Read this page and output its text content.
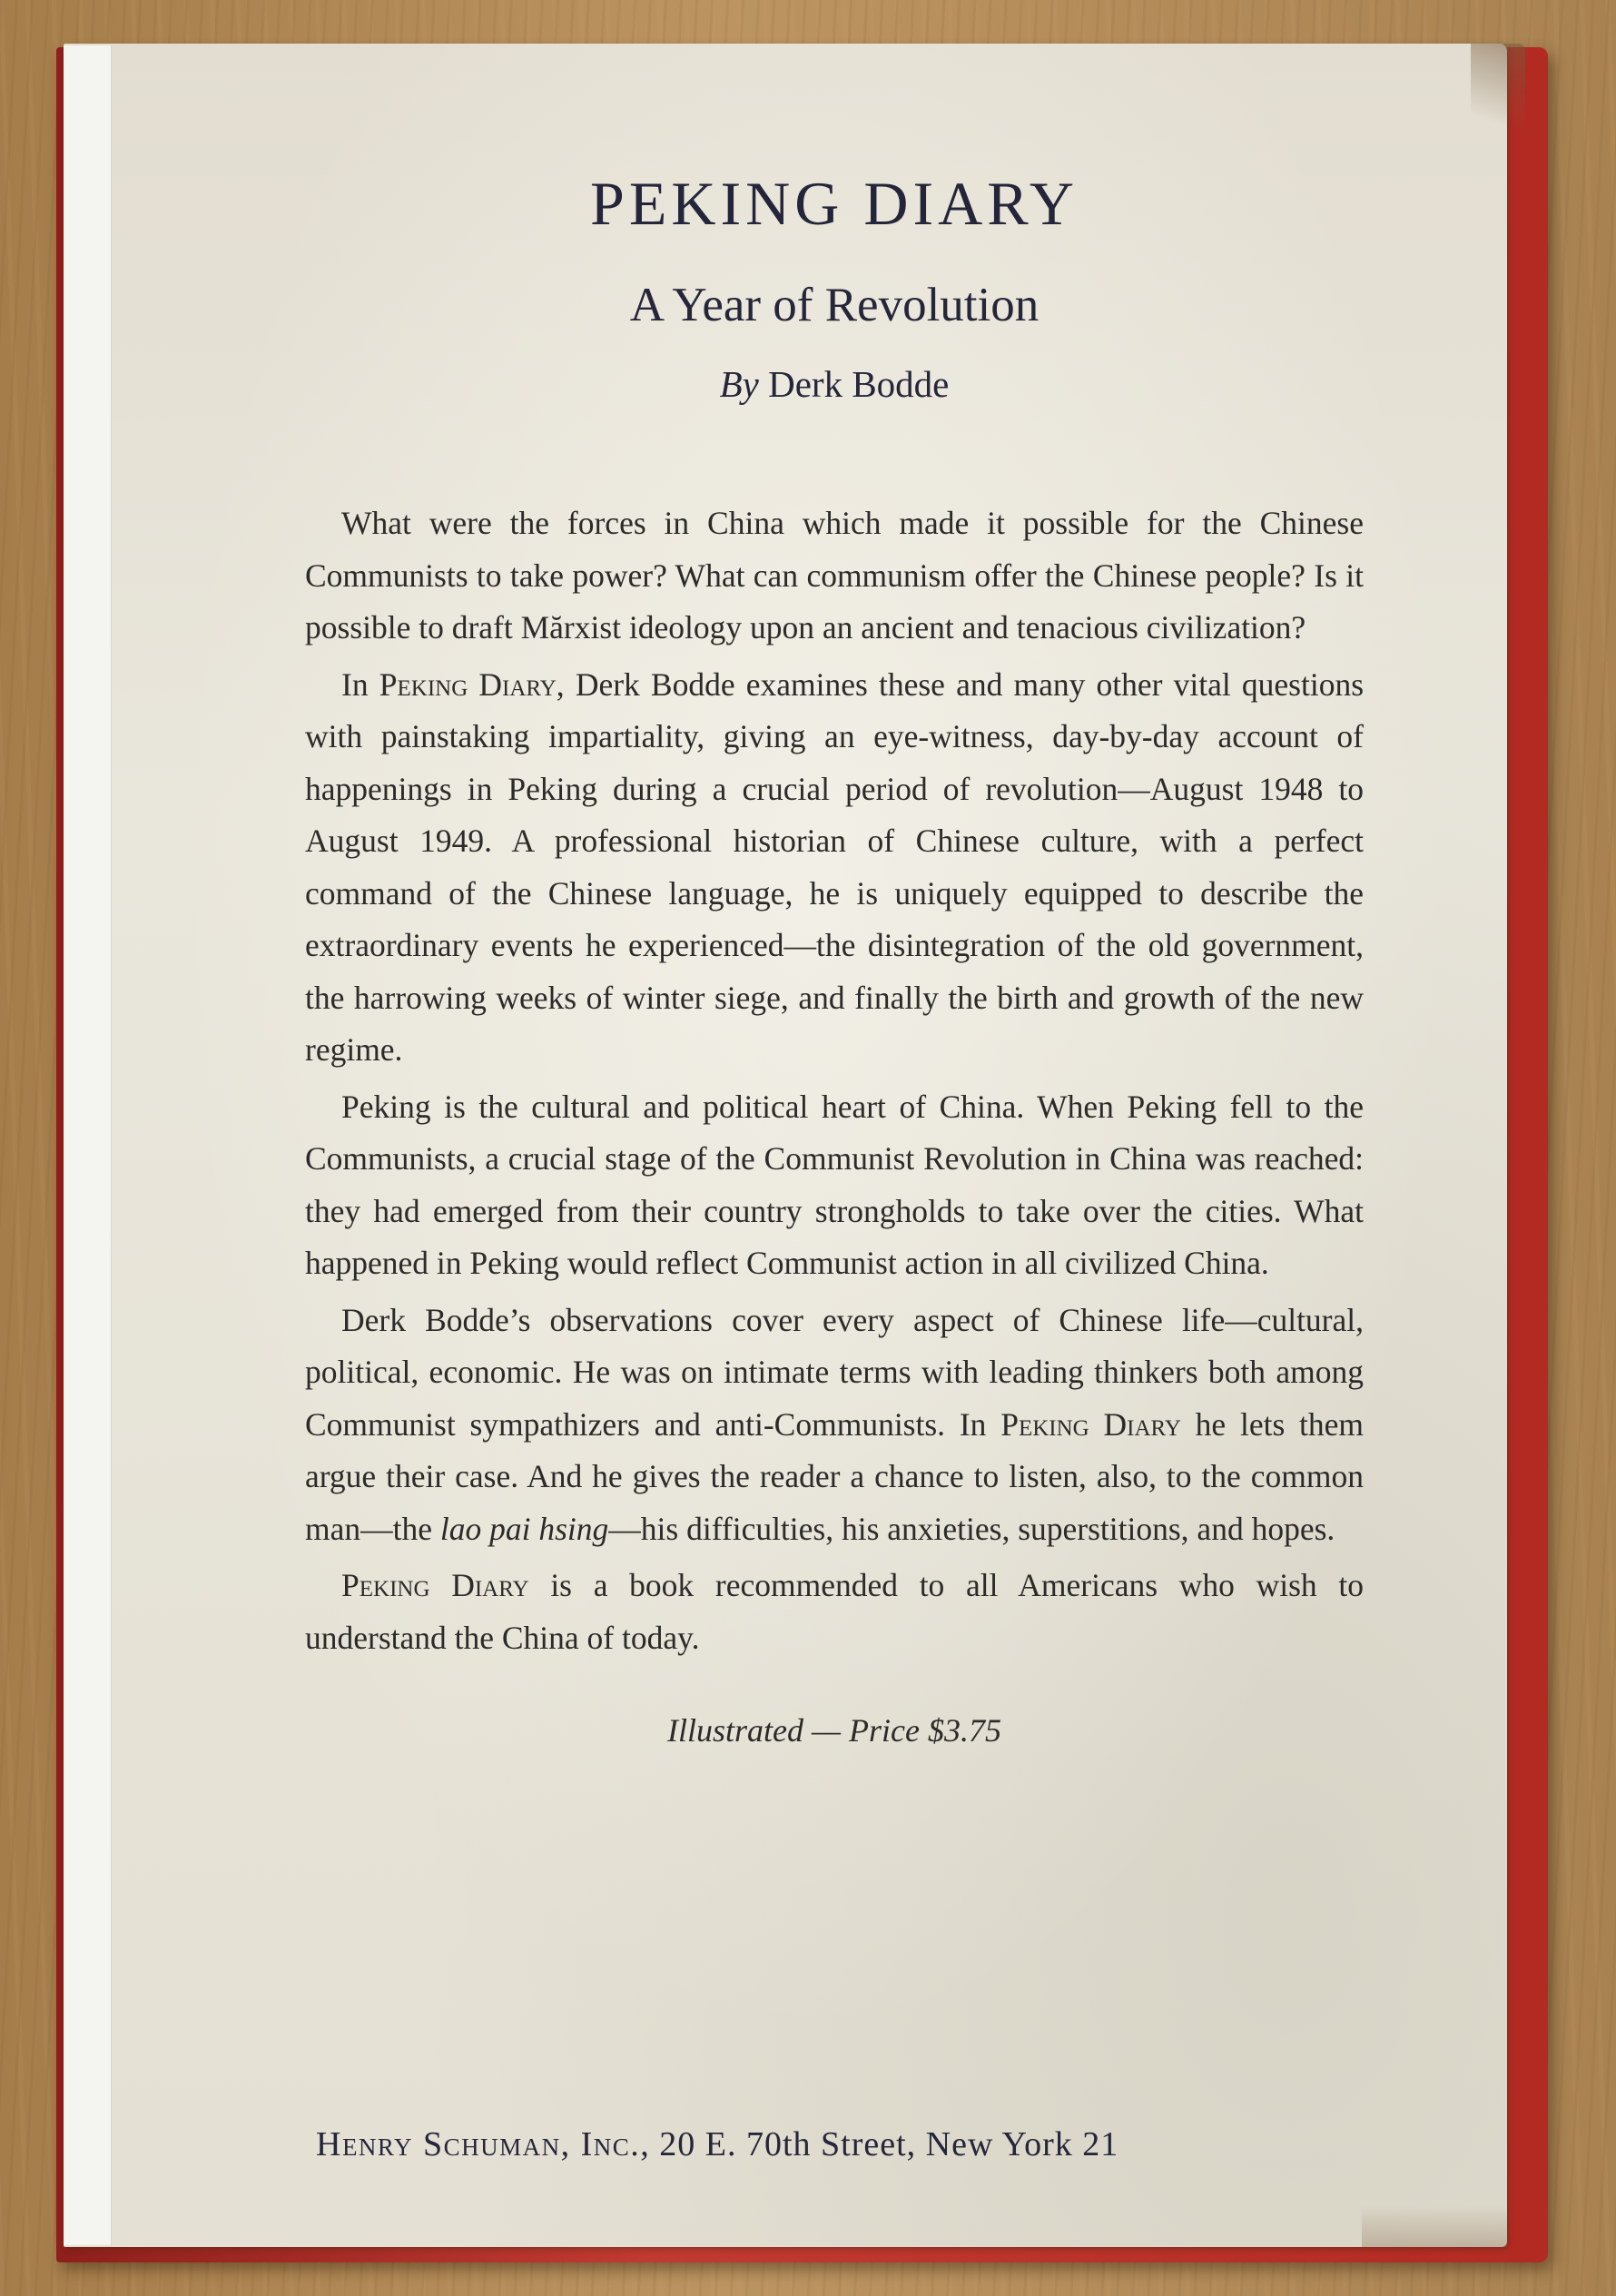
PEKING DIARY
A Year of Revolution
By Derk Bodde

What were the forces in China which made it possible for the Chinese Communists to take power? What can communism offer the Chinese people? Is it possible to draft Mărxist ideology upon an ancient and tenacious civilization?

In Peking Diary, Derk Bodde examines these and many other vital questions with painstaking impartiality, giving an eye-witness, day-by-day account of happenings in Peking during a crucial period of revolution—August 1948 to August 1949. A professional historian of Chinese culture, with a perfect command of the Chinese language, he is uniquely equipped to describe the extraordinary events he experienced—the disintegration of the old government, the harrowing weeks of winter siege, and finally the birth and growth of the new regime.

Peking is the cultural and political heart of China. When Peking fell to the Communists, a crucial stage of the Communist Revolution in China was reached: they had emerged from their country strongholds to take over the cities. What happened in Peking would reflect Communist action in all civilized China.

Derk Bodde’s observations cover every aspect of Chinese life—cultural, political, economic. He was on intimate terms with leading thinkers both among Communist sympathizers and anti-Communists. In Peking Diary he lets them argue their case. And he gives the reader a chance to listen, also, to the common man—the lao pai hsing—his difficulties, his anxieties, superstitions, and hopes.

Peking Diary is a book recommended to all Americans who wish to understand the China of today.

Illustrated — Price $3.75
Henry Schuman, Inc., 20 E. 70th Street, New York 21
